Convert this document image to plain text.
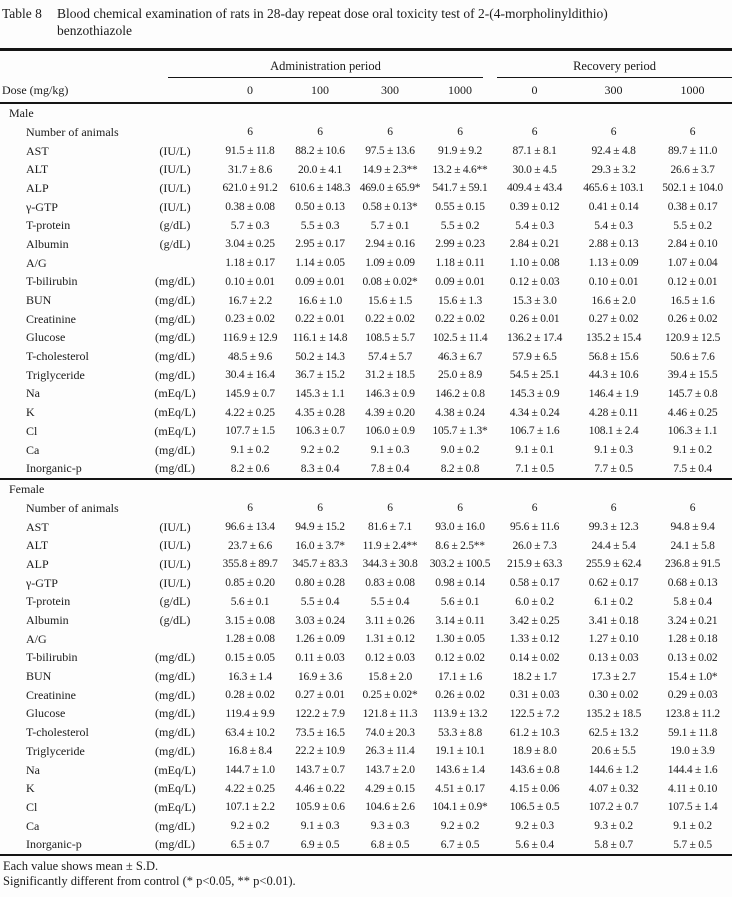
Table 8	Blood chemical examination of rats in 28-day repeat dose oral toxicity test of 2-(4-morpholinyldithio)
benzothiazole

	Administration period					Recovery period		

Dose (mg/kg)		0	100	300	1000	0	300	1000
Male								
Number of animals		6	6	6	6	6	6	6
AST	(IU/L)	91.5 ± 11.8	88.2 ± 10.6	97.5 ± 13.6	91.9 ± 9.2	87.1 ± 8.1	92.4 ± 4.8	89.7 ± 11.0
ALT	(IU/L)	31.7 ± 8.6	20.0 ± 4.1	14.9 ± 2.3**	13.2 ± 4.6**	30.0 ± 4.5	29.3 ± 3.2	26.6 ± 3.7
ALP	(IU/L)	621.0 ± 91.2	610.6 ± 148.3	469.0 ± 65.9*	541.7 ± 59.1	409.4 ± 43.4	465.6 ± 103.1	502.1 ± 104.0
γ-GTP	(IU/L)	0.38 ± 0.08	0.50 ± 0.13	0.58 ± 0.13*	0.55 ± 0.15	0.39 ± 0.12	0.41 ± 0.14	0.38 ± 0.17
T-protein	(g/dL)	5.7 ± 0.3	5.5 ± 0.3	5.7 ± 0.1	5.5 ± 0.2	5.4 ± 0.3	5.4 ± 0.3	5.5 ± 0.2
Albumin	(g/dL)	3.04 ± 0.25	2.95 ± 0.17	2.94 ± 0.16	2.99 ± 0.23	2.84 ± 0.21	2.88 ± 0.13	2.84 ± 0.10
A/G		1.18 ± 0.17	1.14 ± 0.05	1.09 ± 0.09	1.18 ± 0.11	1.10 ± 0.08	1.13 ± 0.09	1.07 ± 0.04
T-bilirubin	(mg/dL)	0.10 ± 0.01	0.09 ± 0.01	0.08 ± 0.02*	0.09 ± 0.01	0.12 ± 0.03	0.10 ± 0.01	0.12 ± 0.01
BUN	(mg/dL)	16.7 ± 2.2	16.6 ± 1.0	15.6 ± 1.5	15.6 ± 1.3	15.3 ± 3.0	16.6 ± 2.0	16.5 ± 1.6
Creatinine	(mg/dL)	0.23 ± 0.02	0.22 ± 0.01	0.22 ± 0.02	0.22 ± 0.02	0.26 ± 0.01	0.27 ± 0.02	0.26 ± 0.02
Glucose	(mg/dL)	116.9 ± 12.9	116.1 ± 14.8	108.5 ± 5.7	102.5 ± 11.4	136.2 ± 17.4	135.2 ± 15.4	120.9 ± 12.5
T-cholesterol	(mg/dL)	48.5 ± 9.6	50.2 ± 14.3	57.4 ± 5.7	46.3 ± 6.7	57.9 ± 6.5	56.8 ± 15.6	50.6 ± 7.6
Triglyceride	(mg/dL)	30.4 ± 16.4	36.7 ± 15.2	31.2 ± 18.5	25.0 ± 8.9	54.5 ± 25.1	44.3 ± 10.6	39.4 ± 15.5
Na	(mEq/L)	145.9 ± 0.7	145.3 ± 1.1	146.3 ± 0.9	146.2 ± 0.8	145.3 ± 0.9	146.4 ± 1.9	145.7 ± 0.8
K	(mEq/L)	4.22 ± 0.25	4.35 ± 0.28	4.39 ± 0.20	4.38 ± 0.24	4.34 ± 0.24	4.28 ± 0.11	4.46 ± 0.25
Cl	(mEq/L)	107.7 ± 1.5	106.3 ± 0.7	106.0 ± 0.9	105.7 ± 1.3*	106.7 ± 1.6	108.1 ± 2.4	106.3 ± 1.1
Ca	(mg/dL)	9.1 ± 0.2	9.2 ± 0.2	9.1 ± 0.3	9.0 ± 0.2	9.1 ± 0.1	9.1 ± 0.3	9.1 ± 0.2
Inorganic-p	(mg/dL)	8.2 ± 0.6	8.3 ± 0.4	7.8 ± 0.4	8.2 ± 0.8	7.1 ± 0.5	7.7 ± 0.5	7.5 ± 0.4
Female								
Number of animals		6	6	6	6	6	6	6
AST	(IU/L)	96.6 ± 13.4	94.9 ± 15.2	81.6 ± 7.1	93.0 ± 16.0	95.6 ± 11.6	99.3 ± 12.3	94.8 ± 9.4
ALT	(IU/L)	23.7 ± 6.6	16.0 ± 3.7*	11.9 ± 2.4**	8.6 ± 2.5**	26.0 ± 7.3	24.4 ± 5.4	24.1 ± 5.8
ALP	(IU/L)	355.8 ± 89.7	345.7 ± 83.3	344.3 ± 30.8	303.2 ± 100.5	215.9 ± 63.3	255.9 ± 62.4	236.8 ± 91.5
γ-GTP	(IU/L)	0.85 ± 0.20	0.80 ± 0.28	0.83 ± 0.08	0.98 ± 0.14	0.58 ± 0.17	0.62 ± 0.17	0.68 ± 0.13
T-protein	(g/dL)	5.6 ± 0.1	5.5 ± 0.4	5.5 ± 0.4	5.6 ± 0.1	6.0 ± 0.2	6.1 ± 0.2	5.8 ± 0.4
Albumin	(g/dL)	3.15 ± 0.08	3.03 ± 0.24	3.11 ± 0.26	3.14 ± 0.11	3.42 ± 0.25	3.41 ± 0.18	3.24 ± 0.21
A/G		1.28 ± 0.08	1.26 ± 0.09	1.31 ± 0.12	1.30 ± 0.05	1.33 ± 0.12	1.27 ± 0.10	1.28 ± 0.18
T-bilirubin	(mg/dL)	0.15 ± 0.05	0.11 ± 0.03	0.12 ± 0.03	0.12 ± 0.02	0.14 ± 0.02	0.13 ± 0.03	0.13 ± 0.02
BUN	(mg/dL)	16.3 ± 1.4	16.9 ± 3.6	15.8 ± 2.0	17.1 ± 1.6	18.2 ± 1.7	17.3 ± 2.7	15.4 ± 1.0*
Creatinine	(mg/dL)	0.28 ± 0.02	0.27 ± 0.01	0.25 ± 0.02*	0.26 ± 0.02	0.31 ± 0.03	0.30 ± 0.02	0.29 ± 0.03
Glucose	(mg/dL)	119.4 ± 9.9	122.2 ± 7.9	121.8 ± 11.3	113.9 ± 13.2	122.5 ± 7.2	135.2 ± 18.5	123.8 ± 11.2
T-cholesterol	(mg/dL)	63.4 ± 10.2	73.5 ± 16.5	74.0 ± 20.3	53.3 ± 8.8	61.2 ± 10.3	62.5 ± 13.2	59.1 ± 11.8
Triglyceride	(mg/dL)	16.8 ± 8.4	22.2 ± 10.9	26.3 ± 11.4	19.1 ± 10.1	18.9 ± 8.0	20.6 ± 5.5	19.0 ± 3.9
Na	(mEq/L)	144.7 ± 1.0	143.7 ± 0.7	143.7 ± 2.0	143.6 ± 1.4	143.6 ± 0.8	144.6 ± 1.2	144.4 ± 1.6
K	(mEq/L)	4.22 ± 0.25	4.46 ± 0.22	4.29 ± 0.15	4.51 ± 0.17	4.15 ± 0.06	4.07 ± 0.32	4.11 ± 0.10
Cl	(mEq/L)	107.1 ± 2.2	105.9 ± 0.6	104.6 ± 2.6	104.1 ± 0.9*	106.5 ± 0.5	107.2 ± 0.7	107.5 ± 1.4
Ca	(mg/dL)	9.2 ± 0.2	9.1 ± 0.3	9.3 ± 0.3	9.2 ± 0.2	9.2 ± 0.3	9.3 ± 0.2	9.1 ± 0.2
Inorganic-p	(mg/dL)	6.5 ± 0.7	6.9 ± 0.5	6.8 ± 0.5	6.7 ± 0.5	5.6 ± 0.4	5.8 ± 0.7	5.7 ± 0.5
Each value shows mean ± S.D.
Significantly different from control (* p<0.05, ** p<0.01).
